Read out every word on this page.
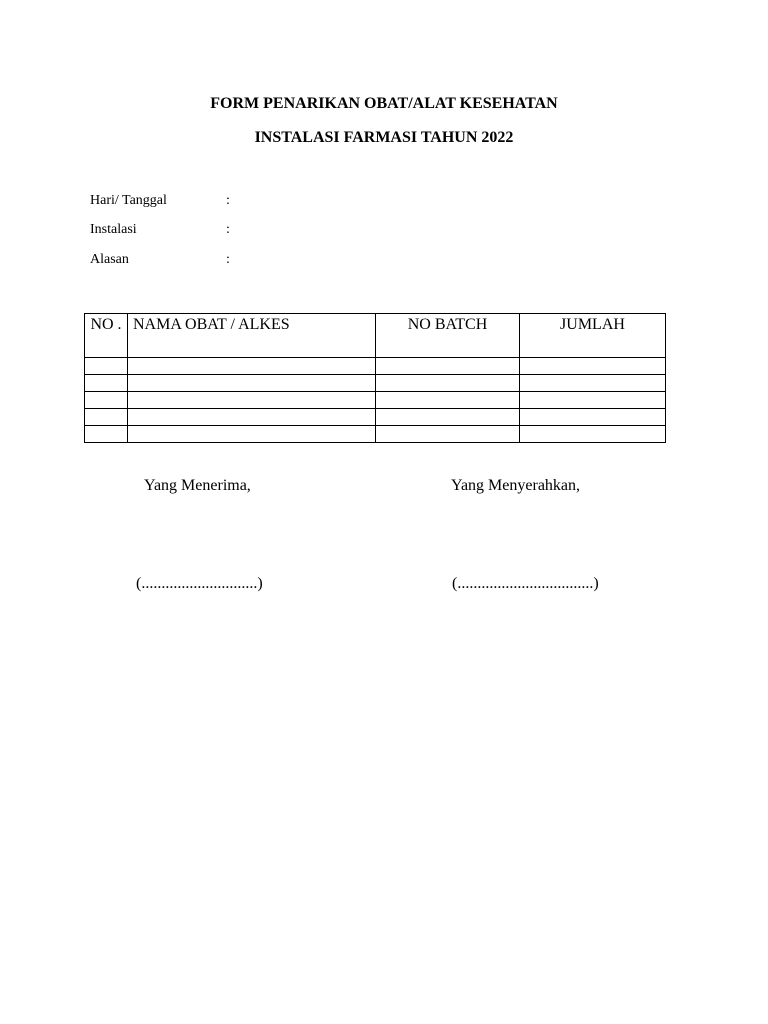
FORM PENARIKAN OBAT/ALAT KESEHATAN
INSTALASI FARMASI TAHUN 2022
Hari/ Tanggal	:
Instalasi	:
Alasan	:
NO .	NAMA OBAT / ALKES	NO BATCH	JUMLAH

Yang Menerima,	Yang Menyerahkan,
(.............................)	(..................................)
